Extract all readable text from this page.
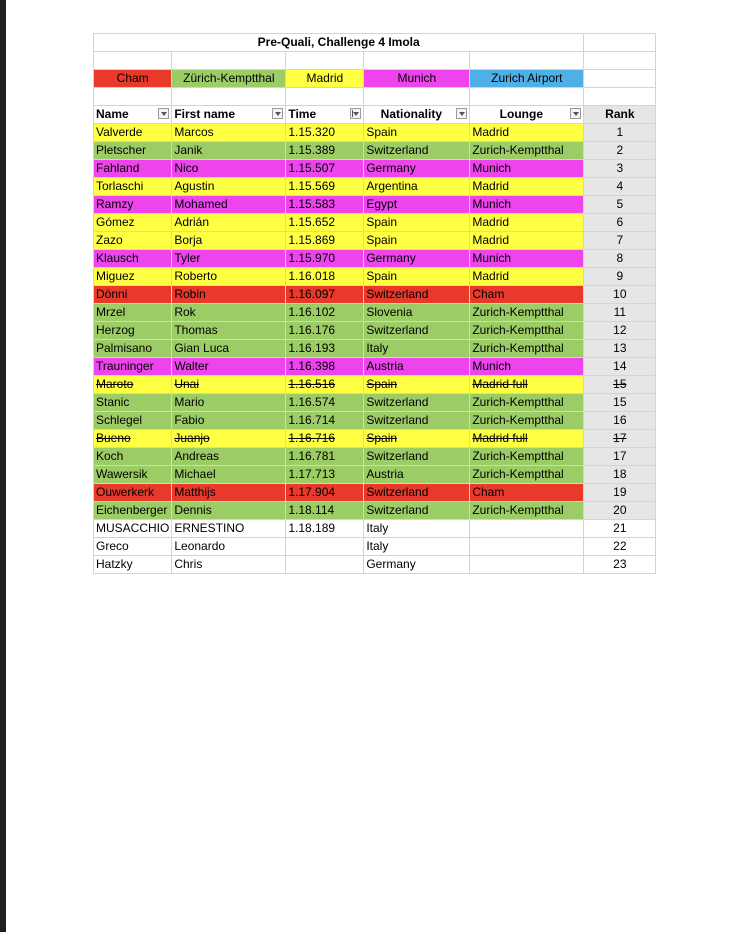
Pre-Quali, Challenge 4 Imola					

Cham	Zürich-Kemptthal	Madrid	Munich	Zurich Airport	

Name	First name	Time	Nationality	Lounge	Rank
Valverde	Marcos	1.15.320	Spain	Madrid	1
Pletscher	Janik	1.15.389	Switzerland	Zurich-Kemptthal	2
Fahland	Nico	1.15.507	Germany	Munich	3
Torlaschi	Agustin	1.15.569	Argentina	Madrid	4
Ramzy	Mohamed	1.15.583	Egypt	Munich	5
Gómez	Adrián	1.15.652	Spain	Madrid	6
Zazo	Borja	1.15.869	Spain	Madrid	7
Klausch	Tyler	1.15.970	Germany	Munich	8
Miguez	Roberto	1.16.018	Spain	Madrid	9
Dönni	Robin	1.16.097	Switzerland	Cham	10
Mrzel	Rok	1.16.102	Slovenia	Zurich-Kemptthal	11
Herzog	Thomas	1.16.176	Switzerland	Zurich-Kemptthal	12
Palmisano	Gian Luca	1.16.193	Italy	Zurich-Kemptthal	13
Trauninger	Walter	1.16.398	Austria	Munich	14
Maroto	Unai	1.16.516	Spain	Madrid full	15
Stanic	Mario	1.16.574	Switzerland	Zurich-Kemptthal	15
Schlegel	Fabio	1.16.714	Switzerland	Zurich-Kemptthal	16
Bueno	Juanjo	1.16.716	Spain	Madrid full	17
Koch	Andreas	1.16.781	Switzerland	Zurich-Kemptthal	17
Wawersik	Michael	1.17.713	Austria	Zurich-Kemptthal	18
Ouwerkerk	Matthijs	1.17.904	Switzerland	Cham	19
Eichenberger	Dennis	1.18.114	Switzerland	Zurich-Kemptthal	20
MUSACCHIO	ERNESTINO	1.18.189	Italy		21
Greco	Leonardo		Italy		22
Hatzky	Chris		Germany		23
